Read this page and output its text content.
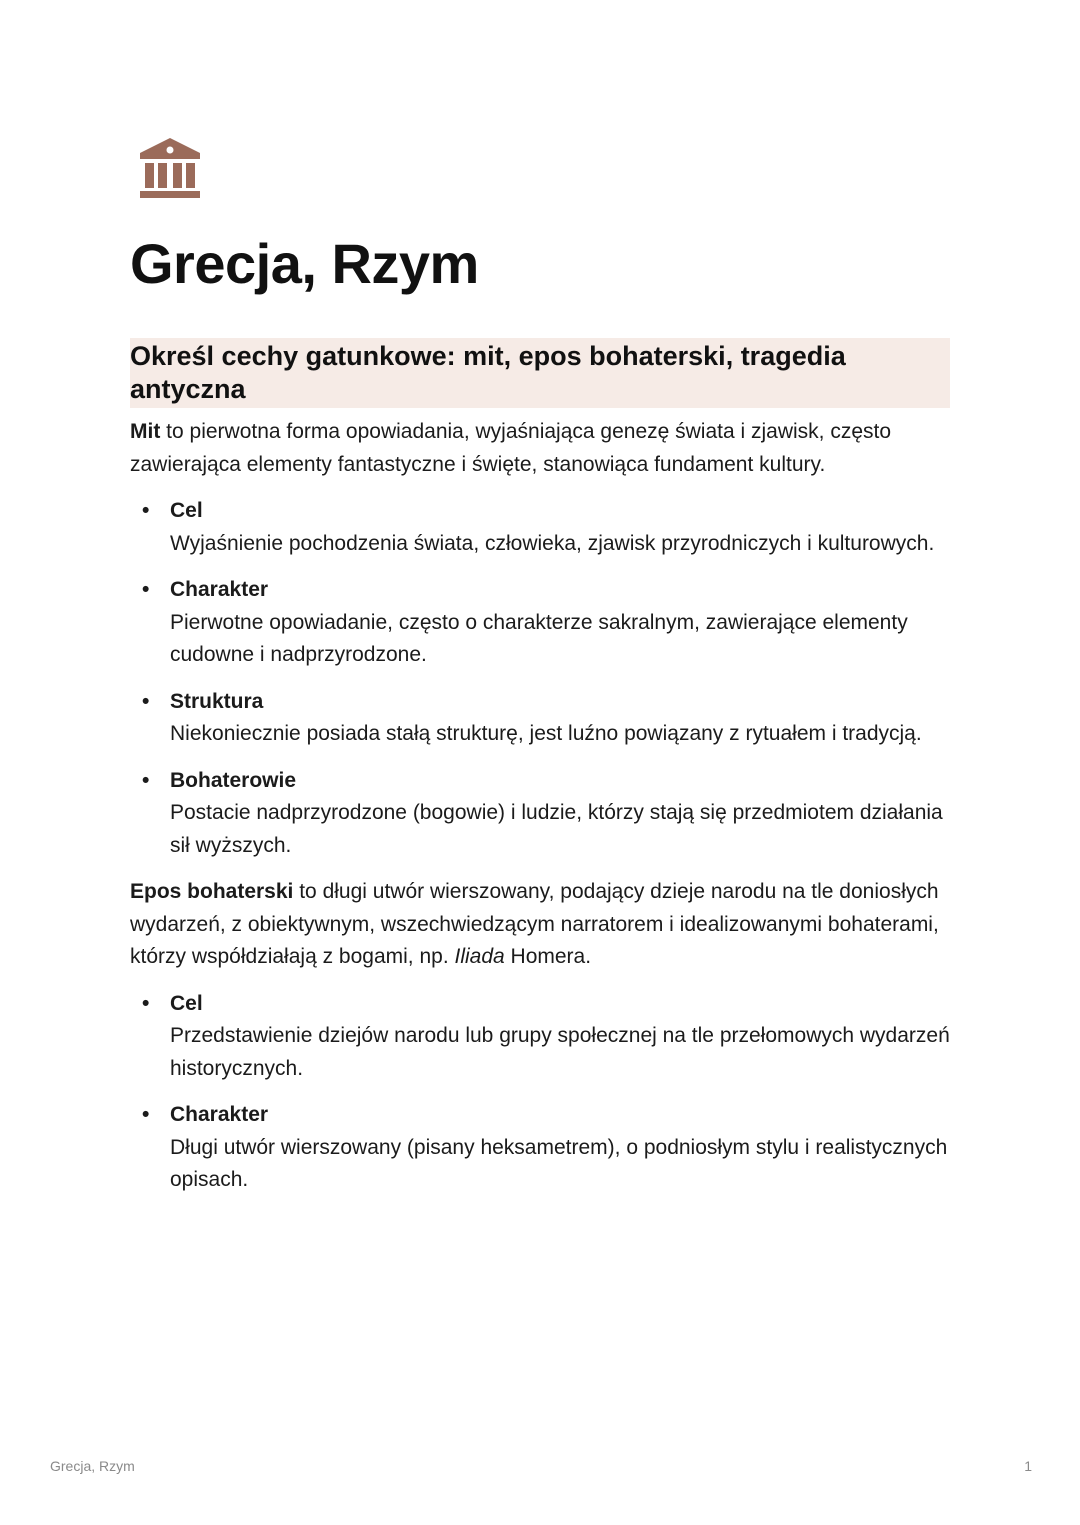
Grecja, Rzym
Określ cechy gatunkowe: mit, epos bohaterski, tragedia antyczna

Mit to pierwotna forma opowiadania, wyjaśniająca genezę świata i zjawisk, często zawierająca elementy fantastyczne i święte, stanowiąca fundament kultury.

• Cel
Wyjaśnienie pochodzenia świata, człowieka, zjawisk przyrodniczych i kulturowych.
• Charakter
Pierwotne opowiadanie, często o charakterze sakralnym, zawierające elementy cudowne i nadprzyrodzone.
• Struktura
Niekoniecznie posiada stałą strukturę, jest luźno powiązany z rytuałem i tradycją.
• Bohaterowie
Postacie nadprzyrodzone (bogowie) i ludzie, którzy stają się przedmiotem działania sił wyższych.

Epos bohaterski to długi utwór wierszowany, podający dzieje narodu na tle doniosłych wydarzeń, z obiektywnym, wszechwiedzącym narratorem i idealizowanymi bohaterami, którzy współdziałają z bogami, np. Iliada Homera.

• Cel
Przedstawienie dziejów narodu lub grupy społecznej na tle przełomowych wydarzeń historycznych.
• Charakter
Długi utwór wierszowany (pisany heksametrem), o podniosłym stylu i realistycznych opisach.
Grecja, Rzym	1
